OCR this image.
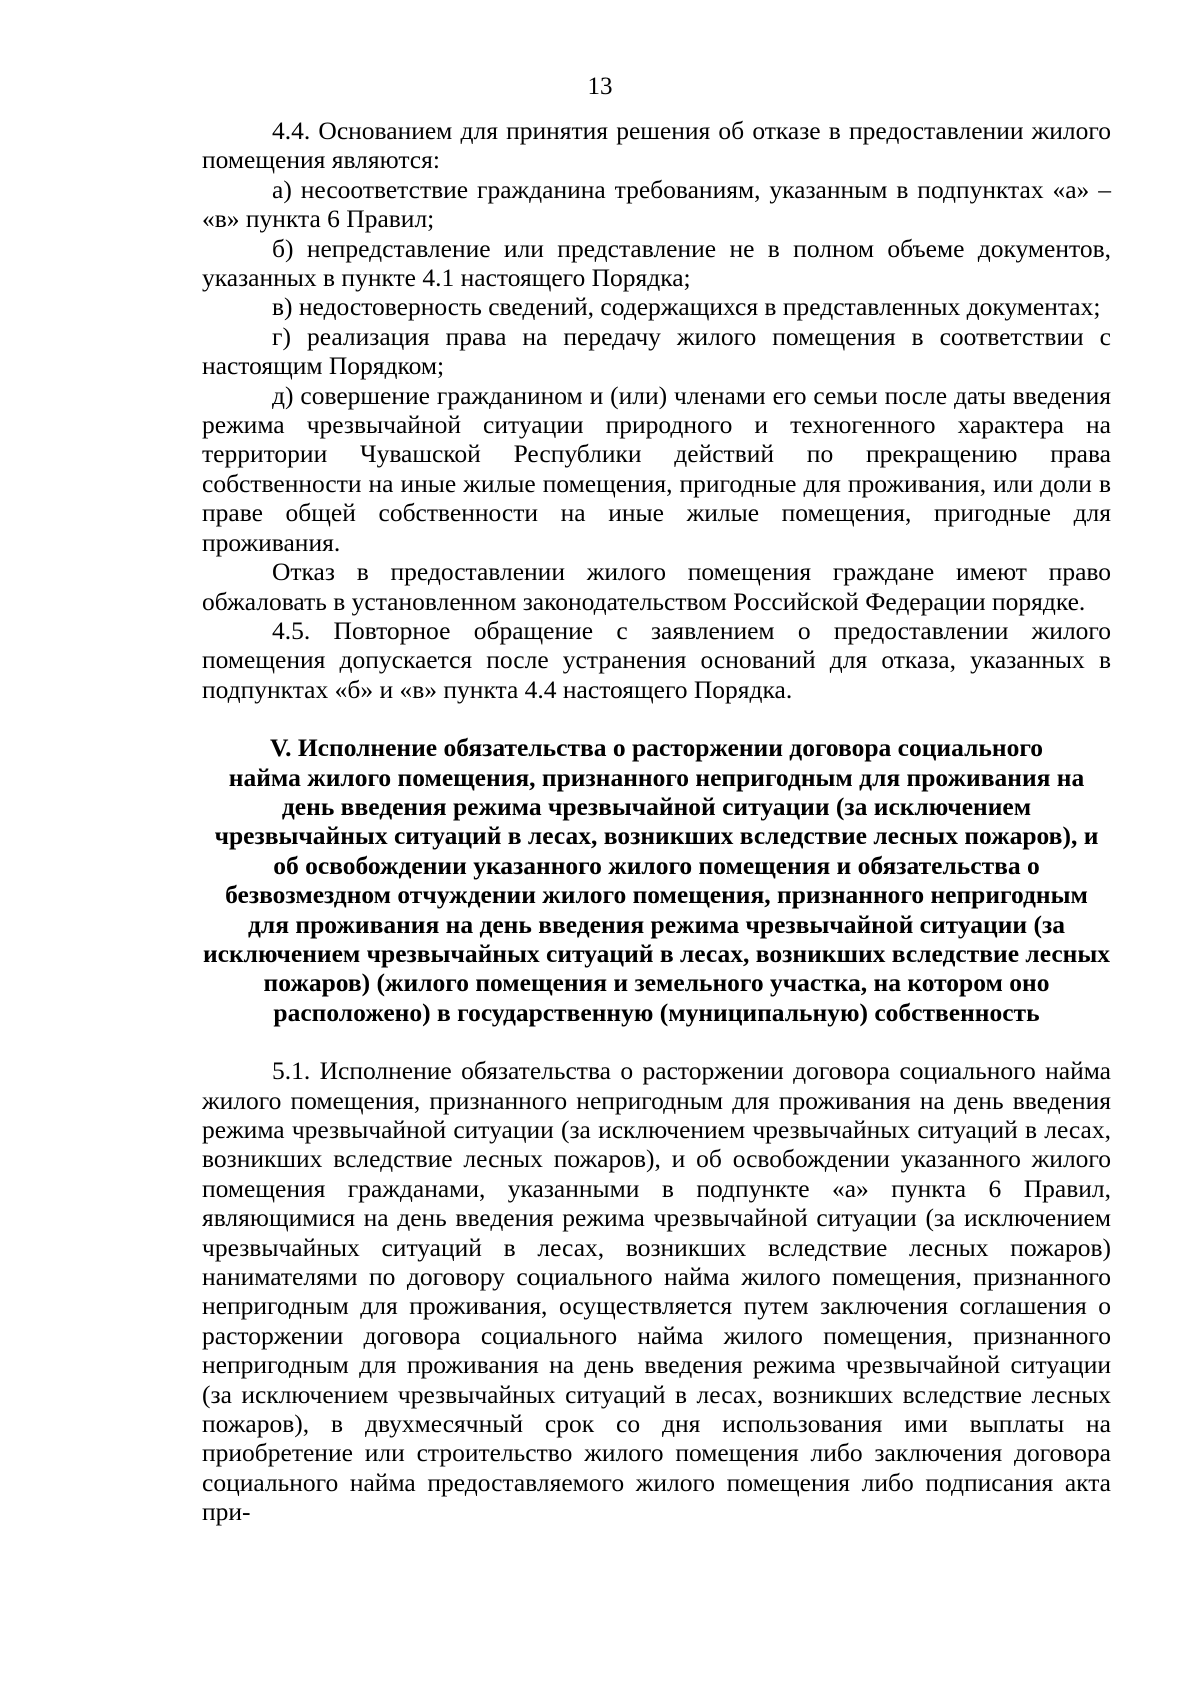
13

4.4. Основанием для принятия решения об отказе в предоставлении жилого помещения являются:

а) несоответствие гражданина требованиям, указанным в подпунктах «а» – «в» пункта 6 Правил;

б) непредставление или представление не в полном объеме документов, указанных в пункте 4.1 настоящего Порядка;

в) недостоверность сведений, содержащихся в представленных документах;

г) реализация права на передачу жилого помещения в соответствии с настоящим Порядком;

д) совершение гражданином и (или) членами его семьи после даты введения режима чрезвычайной ситуации природного и техногенного характера на территории Чувашской Республики действий по прекращению права собственности на иные жилые помещения, пригодные для проживания, или доли в праве общей собственности на иные жилые помещения, пригодные для проживания.

Отказ в предоставлении жилого помещения граждане имеют право обжаловать в установленном законодательством Российской Федерации порядке.

4.5. Повторное обращение с заявлением о предоставлении жилого помещения допускается после устранения оснований для отказа, указанных в подпунктах «б» и «в» пункта 4.4 настоящего Порядка.

V. Исполнение обязательства о расторжении договора социального
найма жилого помещения, признанного непригодным для проживания на день введения режима чрезвычайной ситуации (за исключением чрезвычайных ситуаций в лесах, возникших вследствие лесных пожаров), и об освобождении указанного жилого помещения и обязательства о безвозмездном отчуждении жилого помещения, признанного непригодным для проживания на день введения режима чрезвычайной ситуации (за исключением чрезвычайных ситуаций в лесах, возникших вследствие лесных пожаров) (жилого помещения и земельного участка, на котором оно расположено) в государственную (муниципальную) собственность

5.1. Исполнение обязательства о расторжении договора социального найма жилого помещения, признанного непригодным для проживания на день введения режима чрезвычайной ситуации (за исключением чрезвычайных ситуаций в лесах, возникших вследствие лесных пожаров), и об освобождении указанного жилого помещения гражданами, указанными в подпункте «а» пункта 6 Правил, являющимися на день введения режима чрезвычайной ситуации (за исключением чрезвычайных ситуаций в лесах, возникших вследствие лесных пожаров) нанимателями по договору социального найма жилого помещения, признанного непригодным для проживания, осуществляется путем заключения соглашения о расторжении договора социального найма жилого помещения, признанного непригодным для проживания на день введения режима чрезвычайной ситуации (за исключением чрезвычайных ситуаций в лесах, возникших вследствие лесных пожаров), в двухмесячный срок со дня использования ими выплаты на приобретение или строительство жилого помещения либо заключения договора социального найма предоставляемого жилого помещения либо подписания акта при-
